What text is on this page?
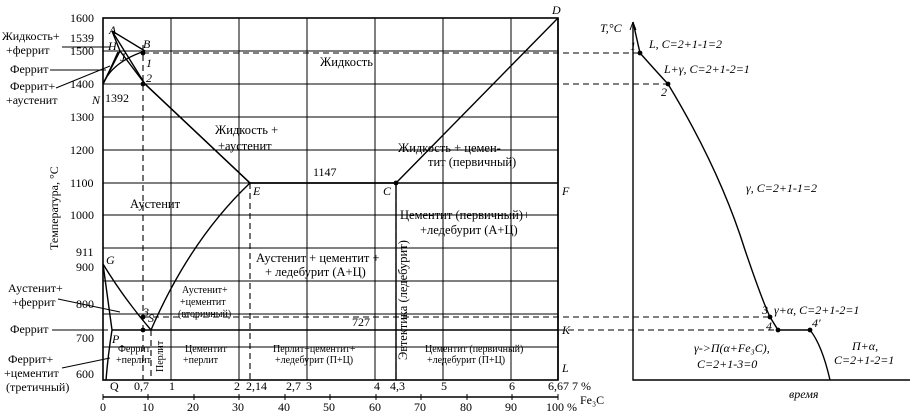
1600
1500
1400
1300
1200
1100
1000
900
800
700
600
1539
911
Температура, °С
Жидкость+
+феррит
Феррит
Феррит+
+аустенит
Аустенит+
+феррит
Феррит
Феррит+
+цементит
(третичный)
A
H
J
B
N
D
E	C	F
G
S
P
K
L
1
2
3
1392
1147
727
Жидкость
Жидкость +
+аустенит	Жидкость + цемен-
тит (первичный)
Аустенит
Аустенит+
+цементит
(вторичный)
Аустенит + цементит +
+ ледебурит (А+Ц)
Цементит (первичный)+
+ледебурит (А+Ц)
Эвтектика (ледебурит)
Феррит
+перлит Перлит Цементит
+перлит
Перлит+цементит+
+ледебурит (П+Ц)
Цементит (первичный)
+ледебурит (П+Ц)
Q 0,7 1	2 2,14 2,7 3	4 4,3	5	6	6,67 7 %
0	10	20	30	40	50	60	70	80	90 100 % Fe₃C
T,°C
время
1
2
3
4	4′
L, C=2+1-1=2
L+γ, C=2+1-2=1
γ, C=2+1-1=2
γ+α, C=2+1-2=1
γ->П(α+Fe₃C),
C=2+1-3=0
П+α,
C=2+1-2=1
